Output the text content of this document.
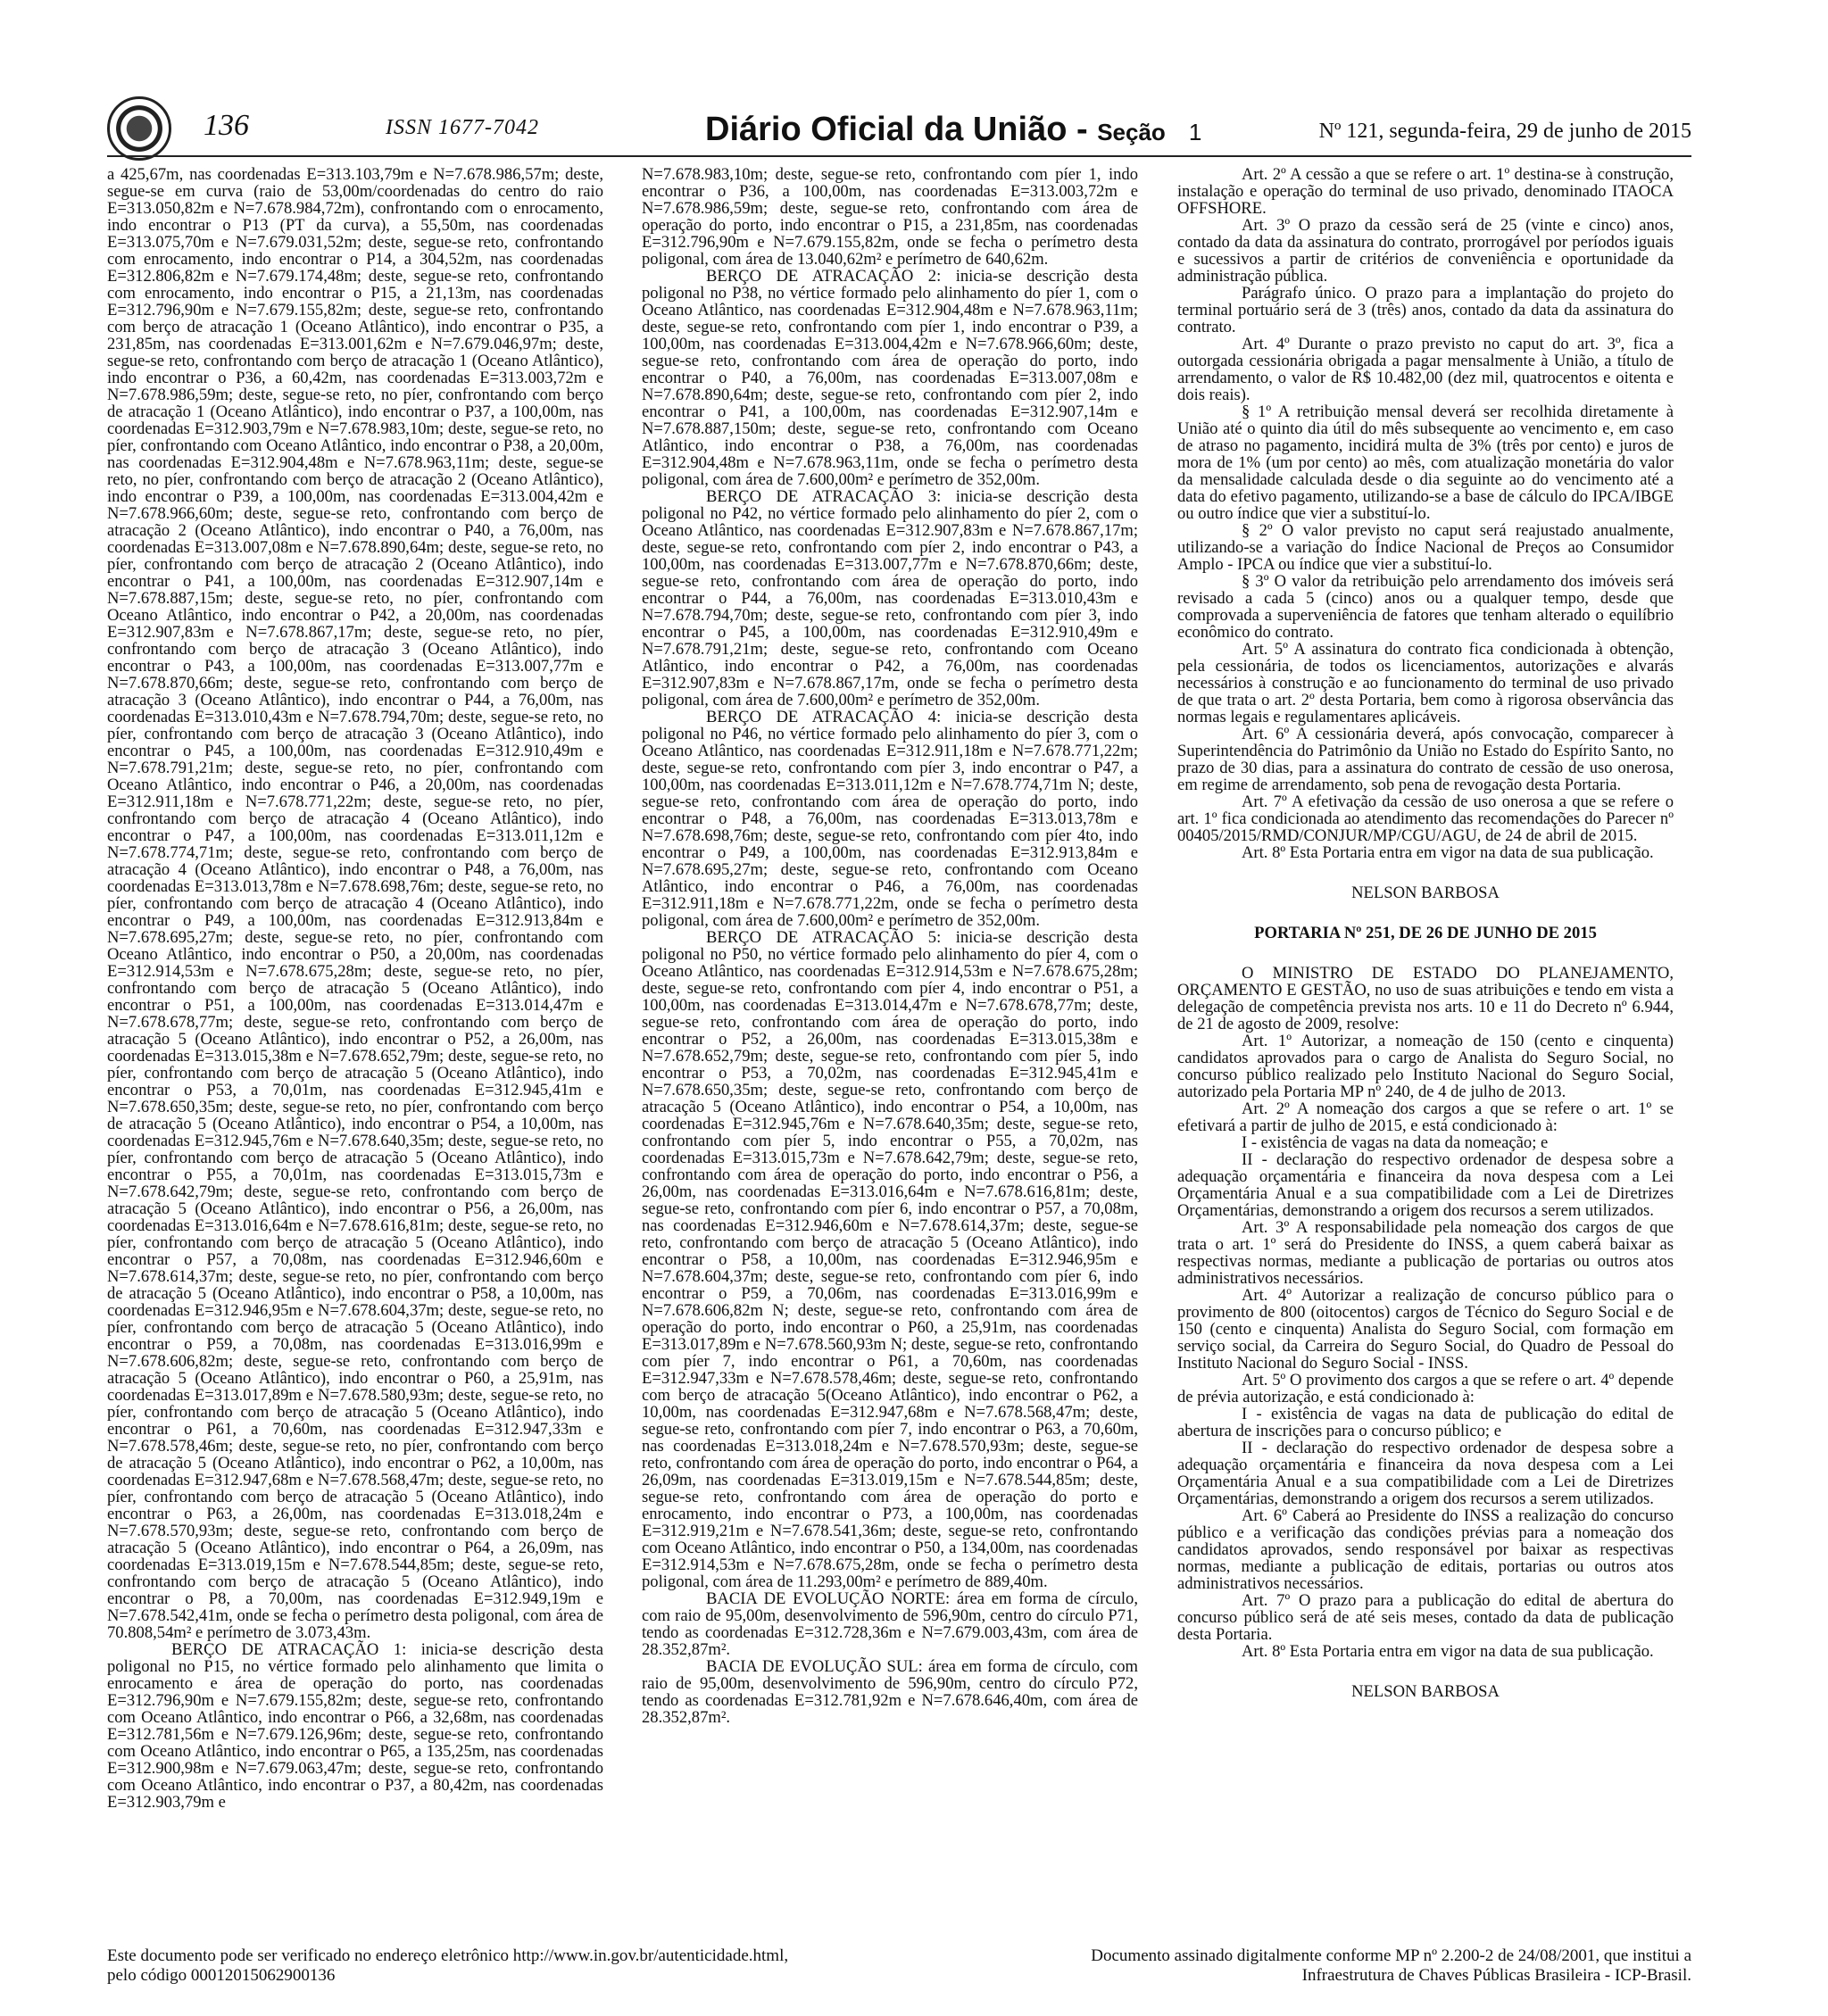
136	ISSN 1677-7042	Diário Oficial da União - Seção 1	Nº 121, segunda-feira, 29 de junho de 2015

a 425,67m, nas coordenadas E=313.103,79m e N=7.678.986,57m; deste, segue-se em curva (raio de 53,00m/coordenadas do centro do raio E=313.050,82m e N=7.678.984,72m), confrontando com o enrocamento, indo encontrar o P13 (PT da curva), a 55,50m, nas coordenadas E=313.075,70m e N=7.679.031,52m; deste, segue-se reto, confrontando com enrocamento, indo encontrar o P14, a 304,52m, nas coordenadas E=312.806,82m e N=7.679.174,48m; deste, segue-se reto, confrontando com enrocamento, indo encontrar o P15, a 21,13m, nas coordenadas E=312.796,90m e N=7.679.155,82m; deste, segue-se reto, confrontando com berço de atracação 1 (Oceano Atlântico), indo encontrar o P35, a 231,85m, nas coordenadas E=313.001,62m e N=7.679.046,97m; deste, segue-se reto, confrontando com berço de atracação 1 (Oceano Atlântico), indo encontrar o P36, a 60,42m, nas coordenadas E=313.003,72m e N=7.678.986,59m; deste, segue-se reto, no píer, confrontando com berço de atracação 1 (Oceano Atlântico), indo encontrar o P37, a 100,00m, nas coordenadas E=312.903,79m e N=7.678.983,10m; deste, segue-se reto, no píer, confrontando com Oceano Atlântico, indo encontrar o P38, a 20,00m, nas coordenadas E=312.904,48m e N=7.678.963,11m; deste, segue-se reto, no píer, confrontando com berço de atracação 2 (Oceano Atlântico), indo encontrar o P39, a 100,00m, nas coordenadas E=313.004,42m e N=7.678.966,60m; deste, segue-se reto, confrontando com berço de atracação 2 (Oceano Atlântico), indo encontrar o P40, a 76,00m, nas coordenadas E=313.007,08m e N=7.678.890,64m; deste, segue-se reto, no píer, confrontando com berço de atracação 2 (Oceano Atlântico), indo encontrar o P41, a 100,00m, nas coordenadas E=312.907,14m e N=7.678.887,15m; deste, segue-se reto, no píer, confrontando com Oceano Atlântico, indo encontrar o P42, a 20,00m, nas coordenadas E=312.907,83m e N=7.678.867,17m; deste, segue-se reto, no píer, confrontando com berço de atracação 3 (Oceano Atlântico), indo encontrar o P43, a 100,00m, nas coordenadas E=313.007,77m e N=7.678.870,66m; deste, segue-se reto, confrontando com berço de atracação 3 (Oceano Atlântico), indo encontrar o P44, a 76,00m, nas coordenadas E=313.010,43m e N=7.678.794,70m; deste, segue-se reto, no píer, confrontando com berço de atracação 3 (Oceano Atlântico), indo encontrar o P45, a 100,00m, nas coordenadas E=312.910,49m e N=7.678.791,21m; deste, segue-se reto, no píer, confrontando com Oceano Atlântico, indo encontrar o P46, a 20,00m, nas coordenadas E=312.911,18m e N=7.678.771,22m; deste, segue-se reto, no píer, confrontando com berço de atracação 4 (Oceano Atlântico), indo encontrar o P47, a 100,00m, nas coordenadas E=313.011,12m e N=7.678.774,71m; deste, segue-se reto, confrontando com berço de atracação 4 (Oceano Atlântico), indo encontrar o P48, a 76,00m, nas coordenadas E=313.013,78m e N=7.678.698,76m; deste, segue-se reto, no píer, confrontando com berço de atracação 4 (Oceano Atlântico), indo encontrar o P49, a 100,00m, nas coordenadas E=312.913,84m e N=7.678.695,27m; deste, segue-se reto, no píer, confrontando com Oceano Atlântico, indo encontrar o P50, a 20,00m, nas coordenadas E=312.914,53m e N=7.678.675,28m; deste, segue-se reto, no píer, confrontando com berço de atracação 5 (Oceano Atlântico), indo encontrar o P51, a 100,00m, nas coordenadas E=313.014,47m e N=7.678.678,77m; deste, segue-se reto, confrontando com berço de atracação 5 (Oceano Atlântico), indo encontrar o P52, a 26,00m, nas coordenadas E=313.015,38m e N=7.678.652,79m; deste, segue-se reto, no píer, confrontando com berço de atracação 5 (Oceano Atlântico), indo encontrar o P53, a 70,01m, nas coordenadas E=312.945,41m e N=7.678.650,35m; deste, segue-se reto, no píer, confrontando com berço de atracação 5 (Oceano Atlântico), indo encontrar o P54, a 10,00m, nas coordenadas E=312.945,76m e N=7.678.640,35m; deste, segue-se reto, no píer, confrontando com berço de atracação 5 (Oceano Atlântico), indo encontrar o P55, a 70,01m, nas coordenadas E=313.015,73m e N=7.678.642,79m; deste, segue-se reto, confrontando com berço de atracação 5 (Oceano Atlântico), indo encontrar o P56, a 26,00m, nas coordenadas E=313.016,64m e N=7.678.616,81m; deste, segue-se reto, no píer, confrontando com berço de atracação 5 (Oceano Atlântico), indo encontrar o P57, a 70,08m, nas coordenadas E=312.946,60m e N=7.678.614,37m; deste, segue-se reto, no píer, confrontando com berço de atracação 5 (Oceano Atlântico), indo encontrar o P58, a 10,00m, nas coordenadas E=312.946,95m e N=7.678.604,37m; deste, segue-se reto, no píer, confrontando com berço de atracação 5 (Oceano Atlântico), indo encontrar o P59, a 70,08m, nas coordenadas E=313.016,99m e N=7.678.606,82m; deste, segue-se reto, confrontando com berço de atracação 5 (Oceano Atlântico), indo encontrar o P60, a 25,91m, nas coordenadas E=313.017,89m e N=7.678.580,93m; deste, segue-se reto, no píer, confrontando com berço de atracação 5 (Oceano Atlântico), indo encontrar o P61, a 70,60m, nas coordenadas E=312.947,33m e N=7.678.578,46m; deste, segue-se reto, no píer, confrontando com berço de atracação 5 (Oceano Atlântico), indo encontrar o P62, a 10,00m, nas coordenadas E=312.947,68m e N=7.678.568,47m; deste, segue-se reto, no píer, confrontando com berço de atracação 5 (Oceano Atlântico), indo encontrar o P63, a 26,00m, nas coordenadas E=313.018,24m e N=7.678.570,93m; deste, segue-se reto, confrontando com berço de atracação 5 (Oceano Atlântico), indo encontrar o P64, a 26,09m, nas coordenadas E=313.019,15m e N=7.678.544,85m; deste, segue-se reto, confrontando com berço de atracação 5 (Oceano Atlântico), indo encontrar o P8, a 70,00m, nas coordenadas E=312.949,19m e N=7.678.542,41m, onde se fecha o perímetro desta poligonal, com área de 70.808,54m² e perímetro de 3.073,43m.

BERÇO DE ATRACAÇÃO 1: inicia-se descrição desta poligonal no P15, no vértice formado pelo alinhamento que limita o enrocamento e área de operação do porto, nas coordenadas E=312.796,90m e N=7.679.155,82m; deste, segue-se reto, confrontando com Oceano Atlântico, indo encontrar o P66, a 32,68m, nas coordenadas E=312.781,56m e N=7.679.126,96m; deste, segue-se reto, confrontando com Oceano Atlântico, indo encontrar o P65, a 135,25m, nas coordenadas E=312.900,98m e N=7.679.063,47m; deste, segue-se reto, confrontando com Oceano Atlântico, indo encontrar o P37, a 80,42m, nas coordenadas E=312.903,79m e

N=7.678.983,10m; deste, segue-se reto, confrontando com píer 1, indo encontrar o P36, a 100,00m, nas coordenadas E=313.003,72m e N=7.678.986,59m; deste, segue-se reto, confrontando com área de operação do porto, indo encontrar o P15, a 231,85m, nas coordenadas E=312.796,90m e N=7.679.155,82m, onde se fecha o perímetro desta poligonal, com área de 13.040,62m² e perímetro de 640,62m.

BERÇO DE ATRACAÇÃO 2: inicia-se descrição desta poligonal no P38, no vértice formado pelo alinhamento do píer 1, com o Oceano Atlântico, nas coordenadas E=312.904,48m e N=7.678.963,11m; deste, segue-se reto, confrontando com píer 1, indo encontrar o P39, a 100,00m, nas coordenadas E=313.004,42m e N=7.678.966,60m; deste, segue-se reto, confrontando com área de operação do porto, indo encontrar o P40, a 76,00m, nas coordenadas E=313.007,08m e N=7.678.890,64m; deste, segue-se reto, confrontando com píer 2, indo encontrar o P41, a 100,00m, nas coordenadas E=312.907,14m e N=7.678.887,150m; deste, segue-se reto, confrontando com Oceano Atlântico, indo encontrar o P38, a 76,00m, nas coordenadas E=312.904,48m e N=7.678.963,11m, onde se fecha o perímetro desta poligonal, com área de 7.600,00m² e perímetro de 352,00m.

BERÇO DE ATRACAÇÃO 3: inicia-se descrição desta poligonal no P42, no vértice formado pelo alinhamento do píer 2, com o Oceano Atlântico, nas coordenadas E=312.907,83m e N=7.678.867,17m; deste, segue-se reto, confrontando com píer 2, indo encontrar o P43, a 100,00m, nas coordenadas E=313.007,77m e N=7.678.870,66m; deste, segue-se reto, confrontando com área de operação do porto, indo encontrar o P44, a 76,00m, nas coordenadas E=313.010,43m e N=7.678.794,70m; deste, segue-se reto, confrontando com píer 3, indo encontrar o P45, a 100,00m, nas coordenadas E=312.910,49m e N=7.678.791,21m; deste, segue-se reto, confrontando com Oceano Atlântico, indo encontrar o P42, a 76,00m, nas coordenadas E=312.907,83m e N=7.678.867,17m, onde se fecha o perímetro desta poligonal, com área de 7.600,00m² e perímetro de 352,00m.

BERÇO DE ATRACAÇÃO 4: inicia-se descrição desta poligonal no P46, no vértice formado pelo alinhamento do píer 3, com o Oceano Atlântico, nas coordenadas E=312.911,18m e N=7.678.771,22m; deste, segue-se reto, confrontando com píer 3, indo encontrar o P47, a 100,00m, nas coordenadas E=313.011,12m e N=7.678.774,71m N; deste, segue-se reto, confrontando com área de operação do porto, indo encontrar o P48, a 76,00m, nas coordenadas E=313.013,78m e N=7.678.698,76m; deste, segue-se reto, confrontando com píer 4to, indo encontrar o P49, a 100,00m, nas coordenadas E=312.913,84m e N=7.678.695,27m; deste, segue-se reto, confrontando com Oceano Atlântico, indo encontrar o P46, a 76,00m, nas coordenadas E=312.911,18m e N=7.678.771,22m, onde se fecha o perímetro desta poligonal, com área de 7.600,00m² e perímetro de 352,00m.

BERÇO DE ATRACAÇÃO 5: inicia-se descrição desta poligonal no P50, no vértice formado pelo alinhamento do píer 4, com o Oceano Atlântico, nas coordenadas E=312.914,53m e N=7.678.675,28m; deste, segue-se reto, confrontando com píer 4, indo encontrar o P51, a 100,00m, nas coordenadas E=313.014,47m e N=7.678.678,77m; deste, segue-se reto, confrontando com área de operação do porto, indo encontrar o P52, a 26,00m, nas coordenadas E=313.015,38m e N=7.678.652,79m; deste, segue-se reto, confrontando com píer 5, indo encontrar o P53, a 70,02m, nas coordenadas E=312.945,41m e N=7.678.650,35m; deste, segue-se reto, confrontando com berço de atracação 5 (Oceano Atlântico), indo encontrar o P54, a 10,00m, nas coordenadas E=312.945,76m e N=7.678.640,35m; deste, segue-se reto, confrontando com píer 5, indo encontrar o P55, a 70,02m, nas coordenadas E=313.015,73m e N=7.678.642,79m; deste, segue-se reto, confrontando com área de operação do porto, indo encontrar o P56, a 26,00m, nas coordenadas E=313.016,64m e N=7.678.616,81m; deste, segue-se reto, confrontando com píer 6, indo encontrar o P57, a 70,08m, nas coordenadas E=312.946,60m e N=7.678.614,37m; deste, segue-se reto, confrontando com berço de atracação 5 (Oceano Atlântico), indo encontrar o P58, a 10,00m, nas coordenadas E=312.946,95m e N=7.678.604,37m; deste, segue-se reto, confrontando com píer 6, indo encontrar o P59, a 70,06m, nas coordenadas E=313.016,99m e N=7.678.606,82m N; deste, segue-se reto, confrontando com área de operação do porto, indo encontrar o P60, a 25,91m, nas coordenadas E=313.017,89m e N=7.678.560,93m N; deste, segue-se reto, confrontando com píer 7, indo encontrar o P61, a 70,60m, nas coordenadas E=312.947,33m e N=7.678.578,46m; deste, segue-se reto, confrontando com berço de atracação 5(Oceano Atlântico), indo encontrar o P62, a 10,00m, nas coordenadas E=312.947,68m e N=7.678.568,47m; deste, segue-se reto, confrontando com píer 7, indo encontrar o P63, a 70,60m, nas coordenadas E=313.018,24m e N=7.678.570,93m; deste, segue-se reto, confrontando com área de operação do porto, indo encontrar o P64, a 26,09m, nas coordenadas E=313.019,15m e N=7.678.544,85m; deste, segue-se reto, confrontando com área de operação do porto e enrocamento, indo encontrar o P73, a 100,00m, nas coordenadas E=312.919,21m e N=7.678.541,36m; deste, segue-se reto, confrontando com Oceano Atlântico, indo encontrar o P50, a 134,00m, nas coordenadas E=312.914,53m e N=7.678.675,28m, onde se fecha o perímetro desta poligonal, com área de 11.293,00m² e perímetro de 889,40m.

BACIA DE EVOLUÇÃO NORTE: área em forma de círculo, com raio de 95,00m, desenvolvimento de 596,90m, centro do círculo P71, tendo as coordenadas E=312.728,36m e N=7.679.003,43m, com área de 28.352,87m².

BACIA DE EVOLUÇÃO SUL: área em forma de círculo, com raio de 95,00m, desenvolvimento de 596,90m, centro do círculo P72, tendo as coordenadas E=312.781,92m e N=7.678.646,40m, com área de 28.352,87m².

Art. 2º A cessão a que se refere o art. 1º destina-se à construção, instalação e operação do terminal de uso privado, denominado ITAOCA OFFSHORE.

Art. 3º O prazo da cessão será de 25 (vinte e cinco) anos, contado da data da assinatura do contrato, prorrogável por períodos iguais e sucessivos a partir de critérios de conveniência e oportunidade da administração pública.

Parágrafo único. O prazo para a implantação do projeto do terminal portuário será de 3 (três) anos, contado da data da assinatura do contrato.

Art. 4º Durante o prazo previsto no caput do art. 3º, fica a outorgada cessionária obrigada a pagar mensalmente à União, a título de arrendamento, o valor de R$ 10.482,00 (dez mil, quatrocentos e oitenta e dois reais).

§ 1º A retribuição mensal deverá ser recolhida diretamente à União até o quinto dia útil do mês subsequente ao vencimento e, em caso de atraso no pagamento, incidirá multa de 3% (três por cento) e juros de mora de 1% (um por cento) ao mês, com atualização monetária do valor da mensalidade calculada desde o dia seguinte ao do vencimento até a data do efetivo pagamento, utilizando-se a base de cálculo do IPCA/IBGE ou outro índice que vier a substituí-lo.

§ 2º O valor previsto no caput será reajustado anualmente, utilizando-se a variação do Índice Nacional de Preços ao Consumidor Amplo - IPCA ou índice que vier a substituí-lo.

§ 3º O valor da retribuição pelo arrendamento dos imóveis será revisado a cada 5 (cinco) anos ou a qualquer tempo, desde que comprovada a superveniência de fatores que tenham alterado o equilíbrio econômico do contrato.

Art. 5º A assinatura do contrato fica condicionada à obtenção, pela cessionária, de todos os licenciamentos, autorizações e alvarás necessários à construção e ao funcionamento do terminal de uso privado de que trata o art. 2º desta Portaria, bem como à rigorosa observância das normas legais e regulamentares aplicáveis.

Art. 6º A cessionária deverá, após convocação, comparecer à Superintendência do Patrimônio da União no Estado do Espírito Santo, no prazo de 30 dias, para a assinatura do contrato de cessão de uso onerosa, em regime de arrendamento, sob pena de revogação desta Portaria.

Art. 7º A efetivação da cessão de uso onerosa a que se refere o art. 1º fica condicionada ao atendimento das recomendações do Parecer nº 00405/2015/RMD/CONJUR/MP/CGU/AGU, de 24 de abril de 2015.

Art. 8º Esta Portaria entra em vigor na data de sua publicação.

NELSON BARBOSA

PORTARIA Nº 251, DE 26 DE JUNHO DE 2015

O MINISTRO DE ESTADO DO PLANEJAMENTO, ORÇAMENTO E GESTÃO, no uso de suas atribuições e tendo em vista a delegação de competência prevista nos arts. 10 e 11 do Decreto nº 6.944, de 21 de agosto de 2009, resolve:

Art. 1º Autorizar, a nomeação de 150 (cento e cinquenta) candidatos aprovados para o cargo de Analista do Seguro Social, no concurso público realizado pelo Instituto Nacional do Seguro Social, autorizado pela Portaria MP nº 240, de 4 de julho de 2013.

Art. 2º A nomeação dos cargos a que se refere o art. 1º se efetivará a partir de julho de 2015, e está condicionado à:

I - existência de vagas na data da nomeação; e

II - declaração do respectivo ordenador de despesa sobre a adequação orçamentária e financeira da nova despesa com a Lei Orçamentária Anual e a sua compatibilidade com a Lei de Diretrizes Orçamentárias, demonstrando a origem dos recursos a serem utilizados.

Art. 3º A responsabilidade pela nomeação dos cargos de que trata o art. 1º será do Presidente do INSS, a quem caberá baixar as respectivas normas, mediante a publicação de portarias ou outros atos administrativos necessários.

Art. 4º Autorizar a realização de concurso público para o provimento de 800 (oitocentos) cargos de Técnico do Seguro Social e de 150 (cento e cinquenta) Analista do Seguro Social, com formação em serviço social, da Carreira do Seguro Social, do Quadro de Pessoal do Instituto Nacional do Seguro Social - INSS.

Art. 5º O provimento dos cargos a que se refere o art. 4º depende de prévia autorização, e está condicionado à:

I - existência de vagas na data de publicação do edital de abertura de inscrições para o concurso público; e

II - declaração do respectivo ordenador de despesa sobre a adequação orçamentária e financeira da nova despesa com a Lei Orçamentária Anual e a sua compatibilidade com a Lei de Diretrizes Orçamentárias, demonstrando a origem dos recursos a serem utilizados.

Art. 6º Caberá ao Presidente do INSS a realização do concurso público e a verificação das condições prévias para a nomeação dos candidatos aprovados, sendo responsável por baixar as respectivas normas, mediante a publicação de editais, portarias ou outros atos administrativos necessários.

Art. 7º O prazo para a publicação do edital de abertura do concurso público será de até seis meses, contado da data de publicação desta Portaria.

Art. 8º Esta Portaria entra em vigor na data de sua publicação.

NELSON BARBOSA

Este documento pode ser verificado no endereço eletrônico http://www.in.gov.br/autenticidade.html,
pelo código 00012015062900136
Documento assinado digitalmente conforme MP nº 2.200-2 de 24/08/2001, que institui a
Infraestrutura de Chaves Públicas Brasileira - ICP-Brasil.
